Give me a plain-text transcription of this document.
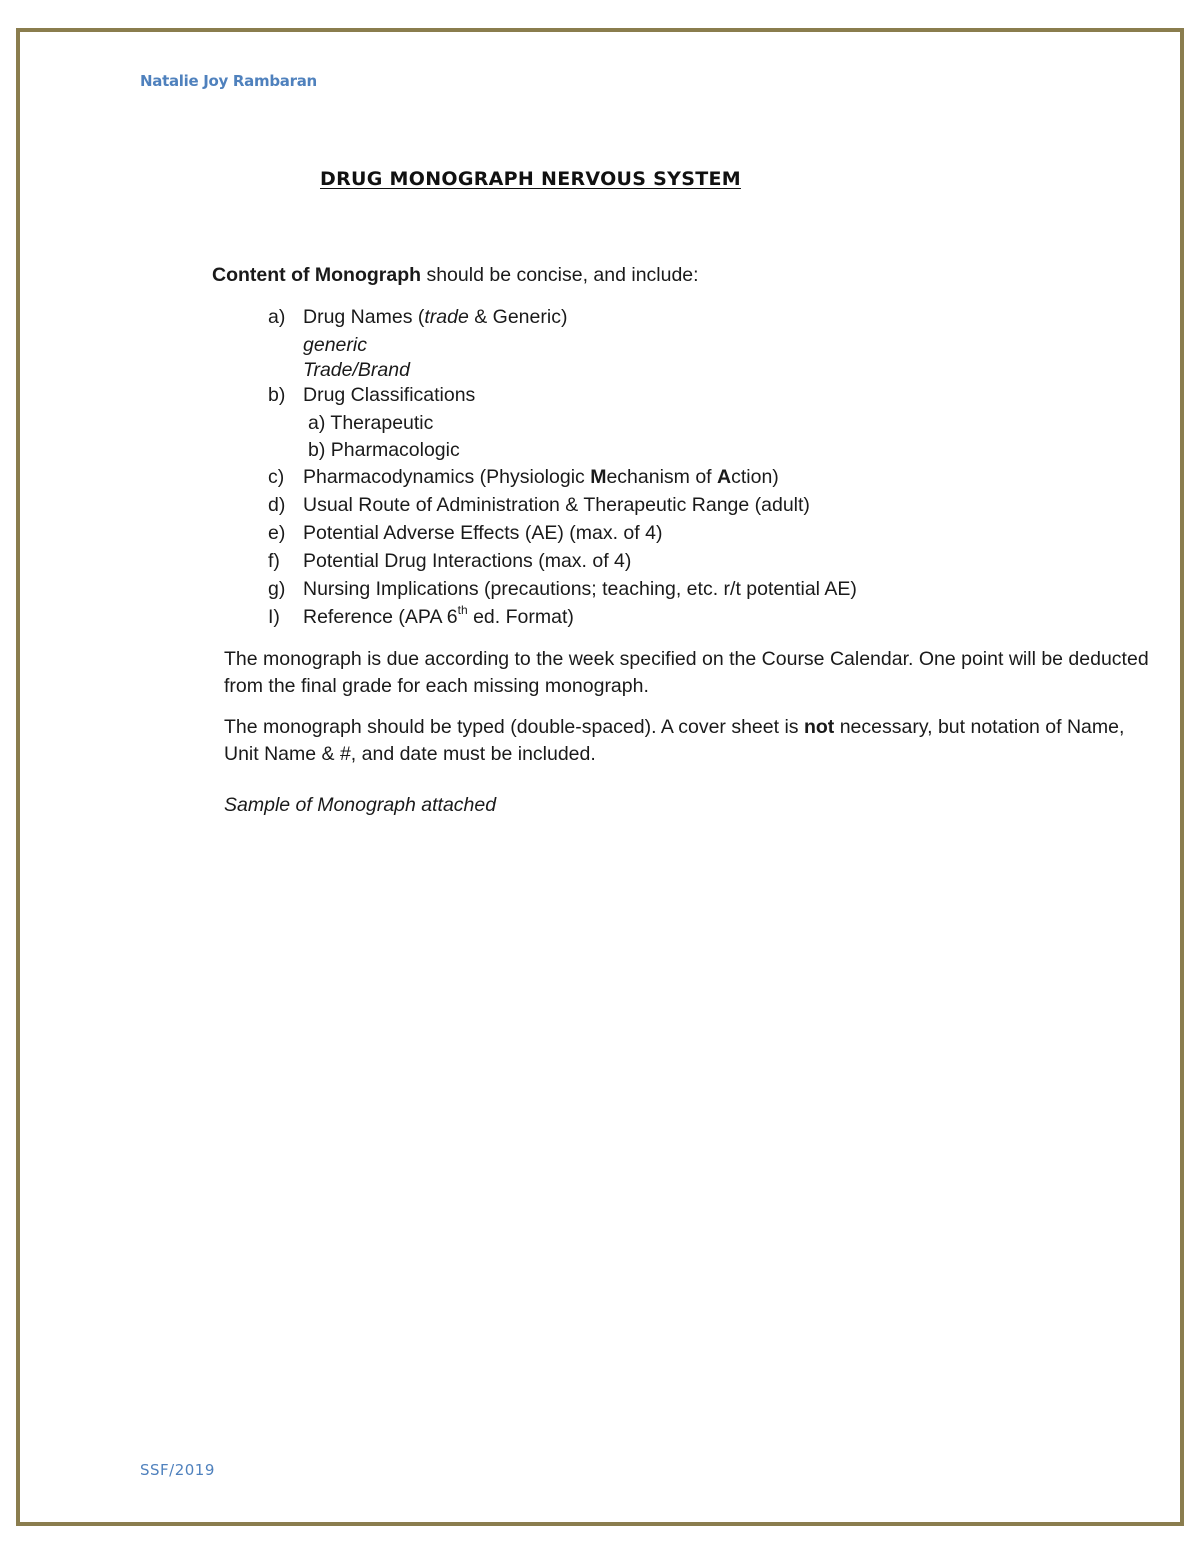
Natalie Joy Rambaran
DRUG MONOGRAPH NERVOUS SYSTEM
Content of Monograph should be concise, and include:
a) Drug Names (trade & Generic)
generic
Trade/Brand
b) Drug Classifications
a) Therapeutic
b) Pharmacologic
c) Pharmacodynamics (Physiologic Mechanism of Action)
d) Usual Route of Administration & Therapeutic Range (adult)
e) Potential Adverse Effects (AE) (max. of 4)
f)	Potential Drug Interactions (max. of 4)
g) Nursing Implications (precautions; teaching, etc. r/t potential AE)
I)	Reference (APA 6th ed. Format)
The monograph is due according to the week specified on the Course Calendar. One point will be deducted from the final grade for each missing monograph.
The monograph should be typed (double-spaced). A cover sheet is not necessary, but notation of Name, Unit Name & #, and date must be included.
Sample of Monograph attached
SSF/2019
